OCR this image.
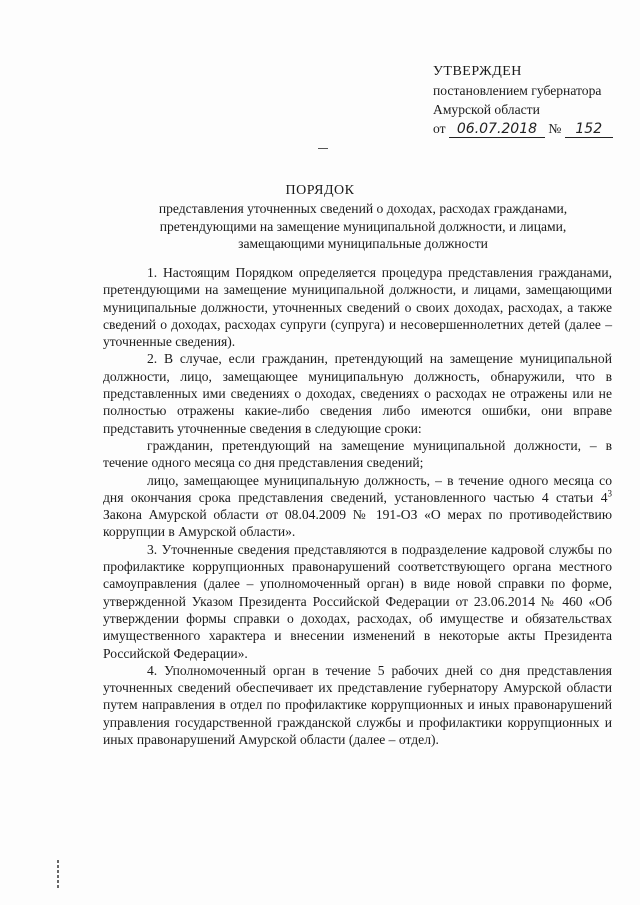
УТВЕРЖДЕН
постановлением губернатора
Амурской области
от 06.07.2018 № 152
ПОРЯДОК
представления уточненных сведений о доходах, расходах гражданами, претендующими на замещение муниципальной должности, и лицами, замещающими муниципальные должности

1. Настоящим Порядком определяется процедура представления гражданами, претендующими на замещение муниципальной должности, и лицами, замещающими муниципальные должности, уточненных сведений о своих доходах, расходах, а также сведений о доходах, расходах супруги (супруга) и несовершеннолетних детей (далее – уточненные сведения).

2. В случае, если гражданин, претендующий на замещение муниципальной должности, лицо, замещающее муниципальную должность, обнаружили, что в представленных ими сведениях о доходах, сведениях о расходах не отражены или не полностью отражены какие-либо сведения либо имеются ошибки, они вправе представить уточненные сведения в следующие сроки:

гражданин, претендующий на замещение муниципальной должности, – в течение одного месяца со дня представления сведений;

лицо, замещающее муниципальную должность, – в течение одного месяца со дня окончания срока представления сведений, установленного частью 4 статьи $4^3$ Закона Амурской области от 08.04.2009 № 191-ОЗ «О мерах по противодействию коррупции в Амурской области».

3. Уточненные сведения представляются в подразделение кадровой службы по профилактике коррупционных правонарушений соответствующего органа местного самоуправления (далее – уполномоченный орган) в виде новой справки по форме, утвержденной Указом Президента Российской Федерации от 23.06.2014 № 460 «Об утверждении формы справки о доходах, расходах, об имуществе и обязательствах имущественного характера и внесении изменений в некоторые акты Президента Российской Федерации».

4. Уполномоченный орган в течение 5 рабочих дней со дня представления уточненных сведений обеспечивает их представление губернатору Амурской области путем направления в отдел по профилактике коррупционных и иных правонарушений управления государственной гражданской службы и профилактики коррупционных и иных правонарушений Амурской области (далее – отдел).
